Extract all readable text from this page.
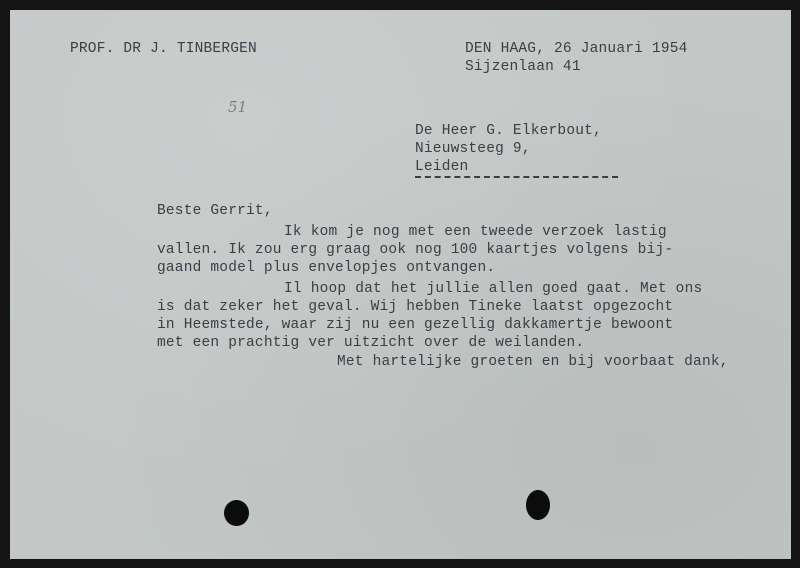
PROF. DR J. TINBERGEN	DEN HAAG, 26 Januari 1954
Sijzenlaan 41
51
De Heer G. Elkerbout,
Nieuwsteeg 9,
Leiden
Beste Gerrit,
Ik kom je nog met een tweede verzoek lastig
vallen. Ik zou erg graag ook nog 100 kaartjes volgens bij-
gaand model plus envelopjes ontvangen.
Il hoop dat het jullie allen goed gaat. Met ons
is dat zeker het geval. Wij hebben Tineke laatst opgezocht
in Heemstede, waar zij nu een gezellig dakkamertje bewoont
met een prachtig ver uitzicht over de weilanden.
Met hartelijke groeten en bij voorbaat dank,
